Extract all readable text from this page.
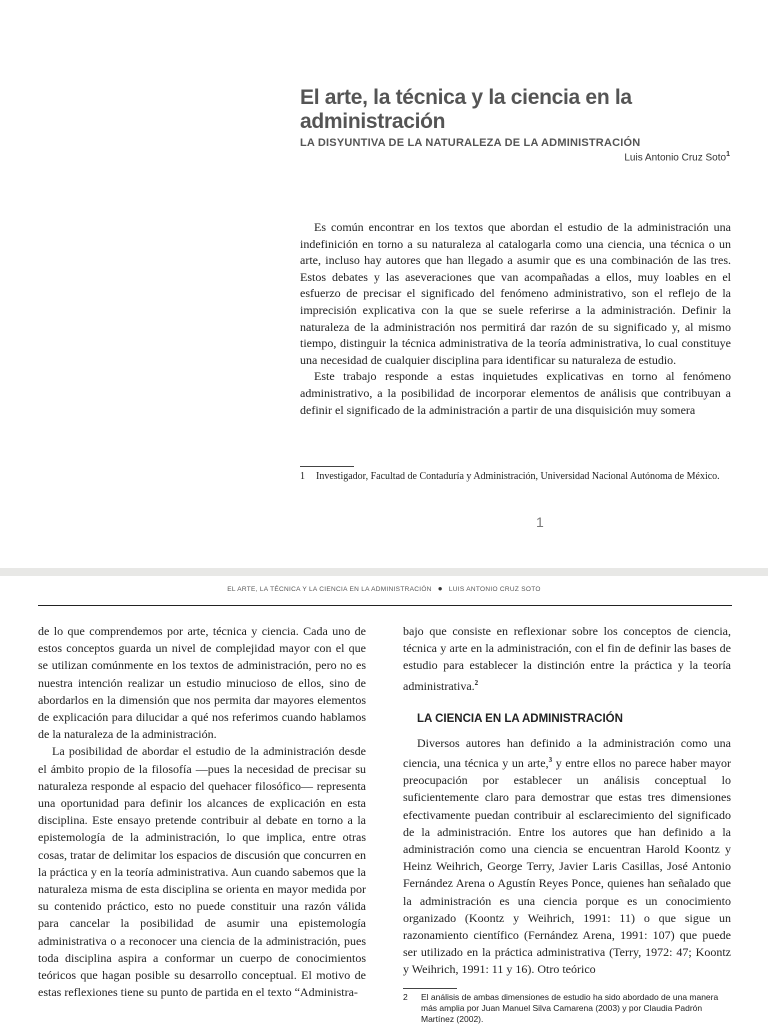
El arte, la técnica y la ciencia en la administración
LA DISYUNTIVA DE LA NATURALEZA DE LA ADMINISTRACIÓN
Luis Antonio Cruz Soto$^1$

Es común encontrar en los textos que abordan el estudio de la administración una indefinición en torno a su naturaleza al catalogarla como una ciencia, una técnica o un arte, incluso hay autores que han llegado a asumir que es una combinación de las tres. Estos debates y las aseveraciones que van acompañadas a ellos, muy loables en el esfuerzo de precisar el significado del fenómeno administrativo, son el reflejo de la imprecisión explicativa con la que se suele referirse a la administración. Definir la naturaleza de la administración nos permitirá dar razón de su significado y, al mismo tiempo, distinguir la técnica administrativa de la teoría administrativa, lo cual constituye una necesidad de cualquier disciplina para identificar su naturaleza de estudio.

Este trabajo responde a estas inquietudes explicativas en torno al fenómeno administrativo, a la posibilidad de incorporar elementos de análisis que contribuyan a definir el significado de la administración a partir de una disquisición muy somera

1	Investigador, Facultad de Contaduría y Administración, Universidad Nacional Autónoma de México.
1
EL ARTE, LA TÉCNICA Y LA CIENCIA EN LA ADMINISTRACIÓN ● LUIS ANTONIO CRUZ SOTO

de lo que comprendemos por arte, técnica y ciencia. Cada uno de estos conceptos guarda un nivel de complejidad mayor con el que se utilizan comúnmente en los textos de administración, pero no es nuestra intención realizar un estudio minucioso de ellos, sino de abordarlos en la dimensión que nos permita dar mayores elementos de explicación para dilucidar a qué nos referimos cuando hablamos de la naturaleza de la administración.

La posibilidad de abordar el estudio de la administración desde el ámbito propio de la filosofía —pues la necesidad de precisar su naturaleza responde al espacio del quehacer filosófico— representa una oportunidad para definir los alcances de explicación en esta disciplina. Este ensayo pretende contribuir al debate en torno a la epistemología de la administración, lo que implica, entre otras cosas, tratar de delimitar los espacios de discusión que concurren en la práctica y en la teoría administrativa. Aun cuando sabemos que la naturaleza misma de esta disciplina se orienta en mayor medida por su contenido práctico, esto no puede constituir una razón válida para cancelar la posibilidad de asumir una epistemología administrativa o a reconocer una ciencia de la administración, pues toda disciplina aspira a conformar un cuerpo de conocimientos teóricos que hagan posible su desarrollo conceptual. El motivo de estas reflexiones tiene su punto de partida en el texto “Administra-

bajo que consiste en reflexionar sobre los conceptos de ciencia, técnica y arte en la administración, con el fin de definir las bases de estudio para establecer la distinción entre la práctica y la teoría administrativa.$^2$

LA CIENCIA EN LA ADMINISTRACIÓN

Diversos autores han definido a la administración como una ciencia, una técnica y un arte,$^3$ y entre ellos no parece haber mayor preocupación por establecer un análisis conceptual lo suficientemente claro para demostrar que estas tres dimensiones efectivamente puedan contribuir al esclarecimiento del significado de la administración. Entre los autores que han definido a la administración como una ciencia se encuentran Harold Koontz y Heinz Weihrich, George Terry, Javier Laris Casillas, José Antonio Fernández Arena o Agustín Reyes Ponce, quienes han señalado que la administración es una ciencia porque es un conocimiento organizado (Koontz y Weihrich, 1991: 11) o que sigue un razonamiento científico (Fernández Arena, 1991: 107) que puede ser utilizado en la práctica administrativa (Terry, 1972: 47; Koontz y Weihrich, 1991: 11 y 16). Otro teórico

2	El análisis de ambas dimensiones de estudio ha sido abordado de una manera más amplia por Juan Manuel Silva Camarena (2003) y por Claudia Padrón Martínez (2002).
